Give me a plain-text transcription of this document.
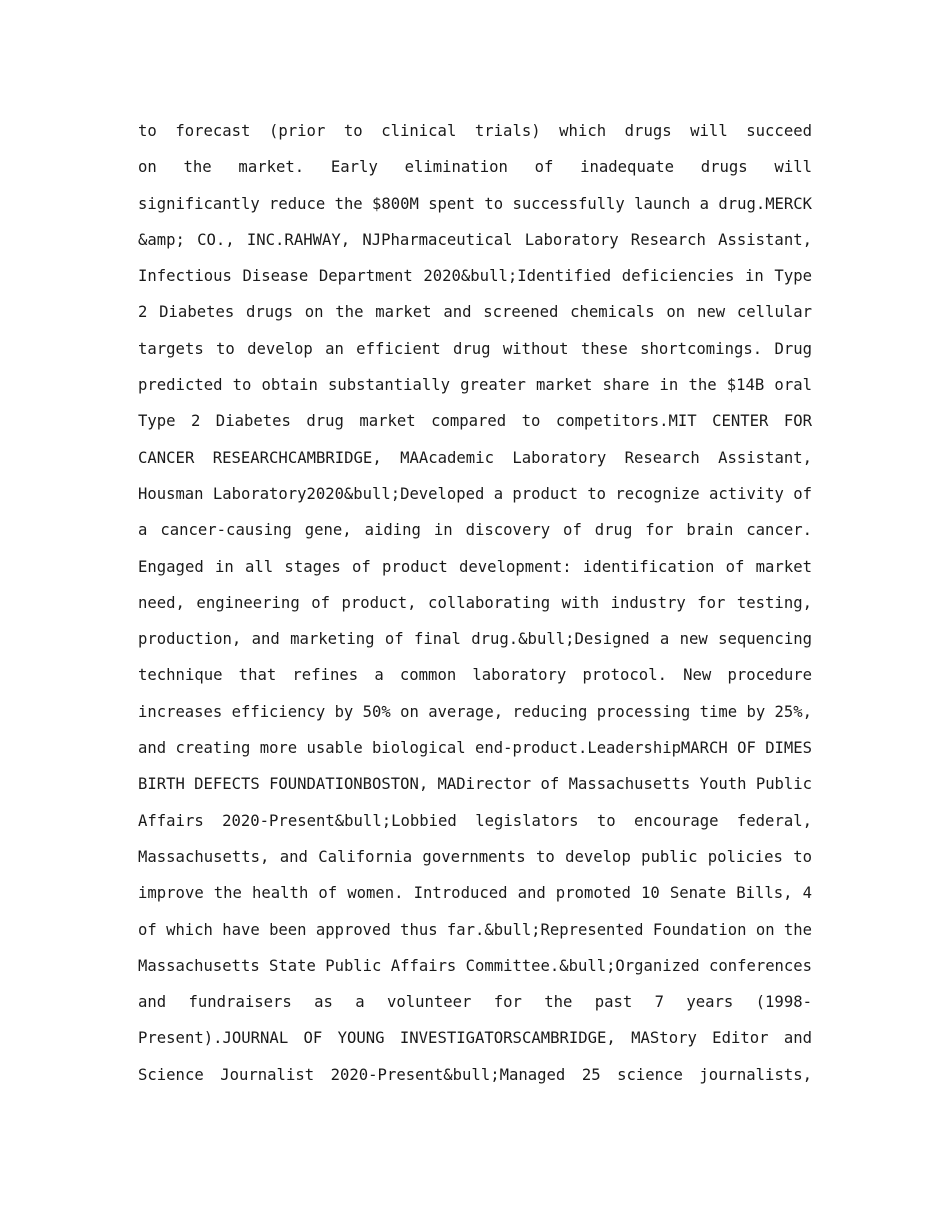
to forecast (prior to clinical trials) which drugs will succeed
on the market. Early elimination of inadequate drugs will
significantly reduce the $800M spent to successfully launch a drug.MERCK
&amp; CO., INC.RAHWAY, NJPharmaceutical Laboratory Research Assistant,
Infectious Disease Department 2020&bull;Identified deficiencies in Type
2 Diabetes drugs on the market and screened chemicals on new cellular
targets to develop an efficient drug without these shortcomings. Drug
predicted to obtain substantially greater market share in the $14B oral
Type 2 Diabetes drug market compared to competitors.MIT CENTER FOR
CANCER RESEARCHCAMBRIDGE, MAAcademic Laboratory Research Assistant,
Housman Laboratory2020&bull;Developed a product to recognize activity of
a cancer-causing gene, aiding in discovery of drug for brain cancer.
Engaged in all stages of product development: identification of market
need, engineering of product, collaborating with industry for testing,
production, and marketing of final drug.&bull;Designed a new sequencing
technique that refines a common laboratory protocol. New procedure
increases efficiency by 50% on average, reducing processing time by 25%,
and creating more usable biological end-product.LeadershipMARCH OF DIMES
BIRTH DEFECTS FOUNDATIONBOSTON, MADirector of Massachusetts Youth Public
Affairs 2020-Present&bull;Lobbied legislators to encourage federal,
Massachusetts, and California governments to develop public policies to
improve the health of women. Introduced and promoted 10 Senate Bills, 4
of which have been approved thus far.&bull;Represented Foundation on the
Massachusetts State Public Affairs Committee.&bull;Organized conferences
and fundraisers as a volunteer for the past 7 years (1998-
Present).JOURNAL OF YOUNG INVESTIGATORSCAMBRIDGE, MAStory Editor and
Science Journalist 2020-Present&bull;Managed 25 science journalists,
